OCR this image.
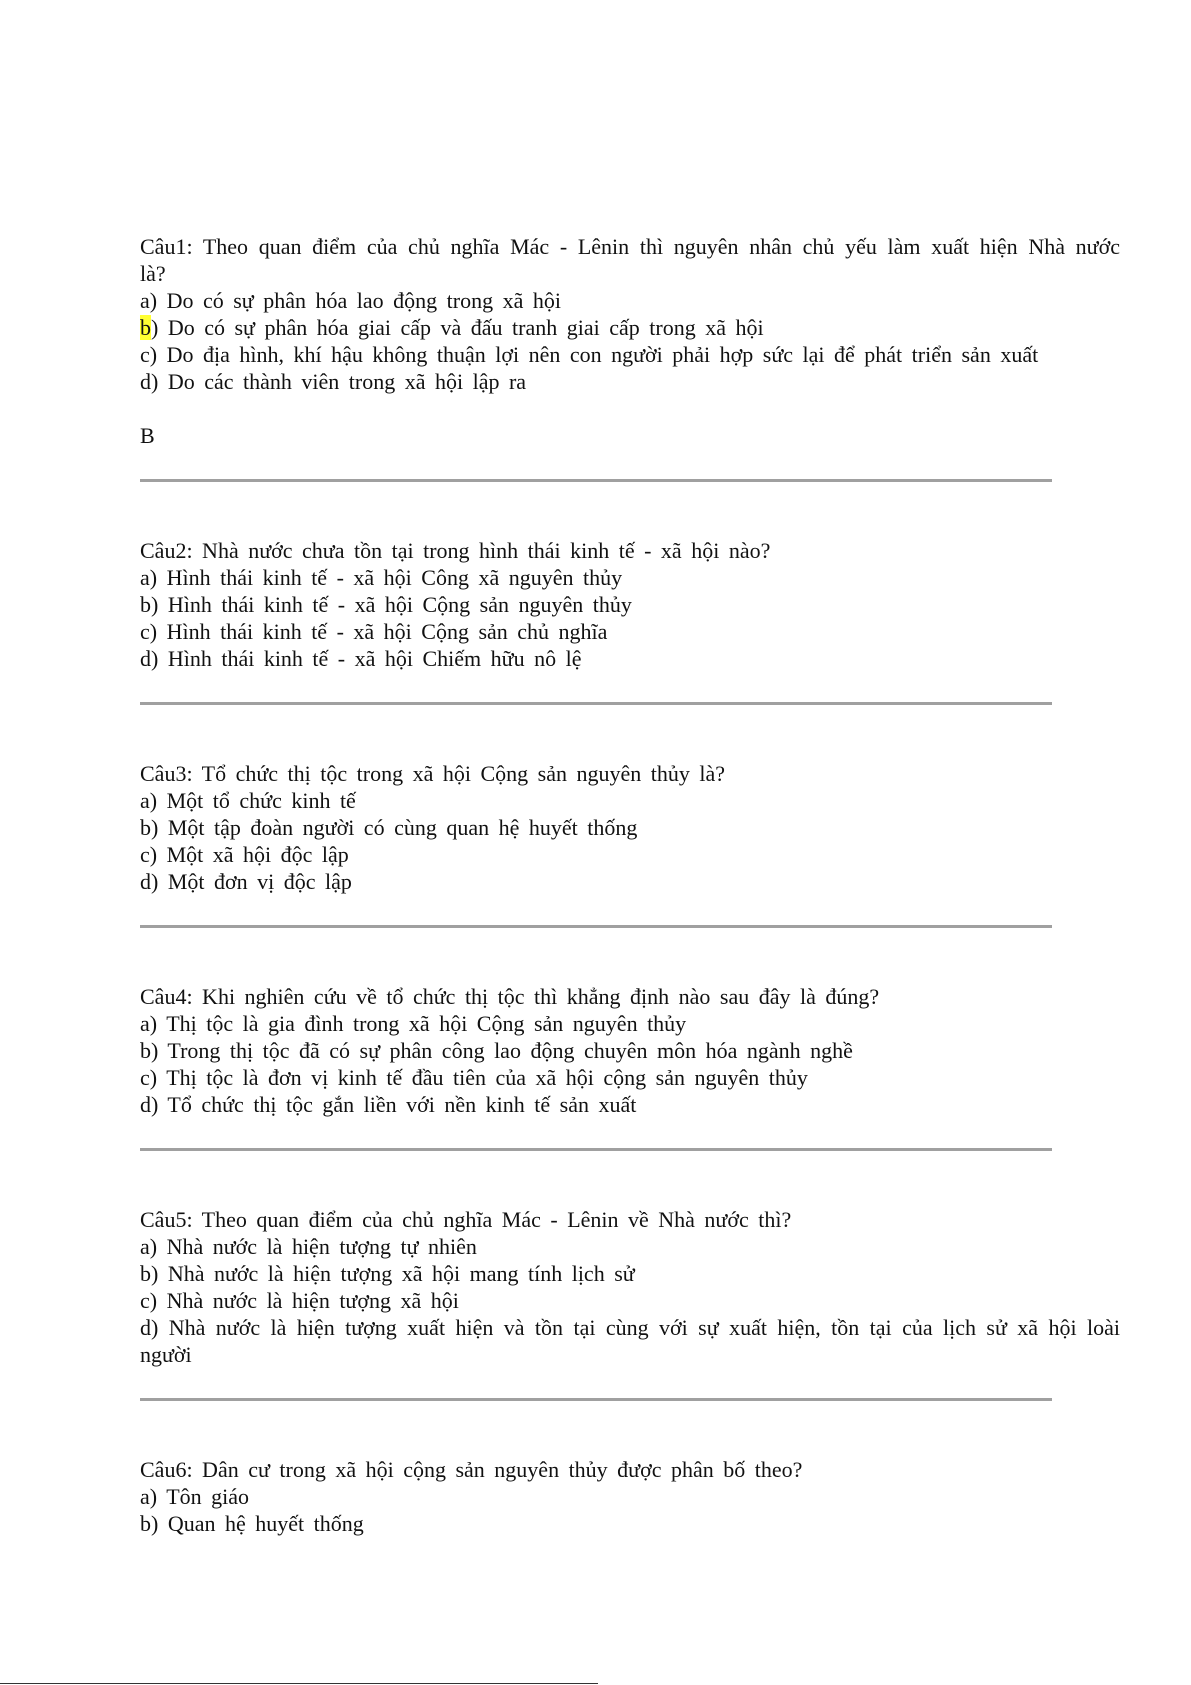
Câu1: Theo quan điểm của chủ nghĩa Mác - Lênin thì nguyên nhân chủ yếu làm xuất hiện Nhà nước là?

a) Do có sự phân hóa lao động trong xã hội

b) Do có sự phân hóa giai cấp và đấu tranh giai cấp trong xã hội

c) Do địa hình, khí hậu không thuận lợi nên con người phải hợp sức lại để phát triển sản xuất

d) Do các thành viên trong xã hội lập ra

B

Câu2: Nhà nước chưa tồn tại trong hình thái kinh tế - xã hội nào?

a) Hình thái kinh tế - xã hội Công xã nguyên thủy

b) Hình thái kinh tế - xã hội Cộng sản nguyên thủy

c) Hình thái kinh tế - xã hội Cộng sản chủ nghĩa

d) Hình thái kinh tế - xã hội Chiếm hữu nô lệ

Câu3: Tổ chức thị tộc trong xã hội Cộng sản nguyên thủy là?

a) Một tổ chức kinh tế

b) Một tập đoàn người có cùng quan hệ huyết thống

c) Một xã hội độc lập

d) Một đơn vị độc lập

Câu4: Khi nghiên cứu về tổ chức thị tộc thì khẳng định nào sau đây là đúng?

a) Thị tộc là gia đình trong xã hội Cộng sản nguyên thủy

b) Trong thị tộc đã có sự phân công lao động chuyên môn hóa ngành nghề

c) Thị tộc là đơn vị kinh tế đầu tiên của xã hội cộng sản nguyên thủy

d) Tổ chức thị tộc gắn liền với nền kinh tế sản xuất

Câu5: Theo quan điểm của chủ nghĩa Mác - Lênin về Nhà nước thì?

a) Nhà nước là hiện tượng tự nhiên

b) Nhà nước là hiện tượng xã hội mang tính lịch sử

c) Nhà nước là hiện tượng xã hội

d) Nhà nước là hiện tượng xuất hiện và tồn tại cùng với sự xuất hiện, tồn tại của lịch sử xã hội loài người

Câu6: Dân cư trong xã hội cộng sản nguyên thủy được phân bố theo?

a) Tôn giáo

b) Quan hệ huyết thống
